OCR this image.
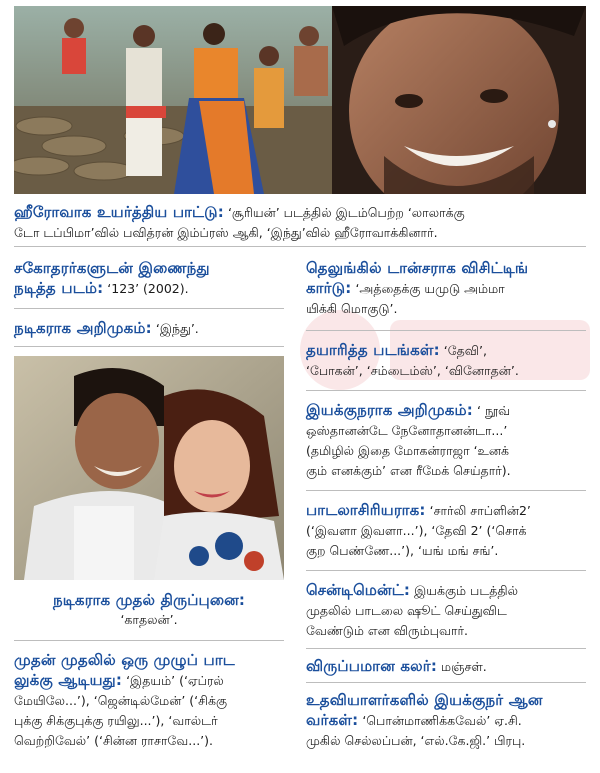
ஹீரோவாக உயர்த்திய பாட்டு: ‘சூரியன்’ படத்தில் இடம்பெற்ற ‘லாலாக்கு
டோ டப்பிமா’வில் பவித்ரன் இம்ப்ரஸ் ஆகி, ‘இந்து’வில் ஹீரோவாக்கினார்.
சகோதரர்களுடன் இணைந்து
நடித்த படம்: ‘123’ (2002).
நடிகராக அறிமுகம்: ‘இந்து’.
நடிகராக முதல் திருப்புனை:
‘காதலன்’.
முதன் முதலில் ஒரு முழுப் பாட
லுக்கு ஆடியது: ‘இதயம்’ (‘ஏப்ரல்
மேயிலே...’), ‘ஜென்டில்மேன்’ (‘சிக்கு
புக்கு சிக்குபுக்கு ரயிலு...’), ‘வால்டர்
வெற்றிவேல்’ (‘சின்ன ராசாவே...’).
தெலுங்கில் டான்சராக விசிட்டிங்
கார்டு: ‘அத்தைக்கு யமுடு அம்மா
யிக்கி மொகுடு’.
தயாரித்த படங்கள்: ‘தேவி’,
‘போகன்’, ‘சம்டைம்ஸ்’, ‘வினோதன்’.
இயக்குநராக அறிமுகம்: ‘ நூவ்
ஒஸ்தானன்டே நேனோதானன்டா...’
(தமிழில் இதை மோகன்ராஜா ‘உனக்
கும் எனக்கும்’ என ரீமேக் செய்தார்).
பாடலாசிரியராக: ‘சார்லி சாப்ளின்2’
(‘இவளா இவளா...’), ‘தேவி 2’ (‘சொக்
குற பெண்ணே...’), ‘யங் மங் சங்’.
சென்டிமென்ட்: இயக்கும் படத்தில்
முதலில் பாடலை ஷூட் செய்துவிட
வேண்டும் என விரும்புவார்.
விருப்பமான கலர்: மஞ்சள்.
உதவியாளர்களில் இயக்குநர் ஆன
வர்கள்: ‘பொன்மாணிக்கவேல்’ ஏ.சி.
முகில் செல்லப்பன், ‘எல்.கே.ஜி.’ பிரபு.
